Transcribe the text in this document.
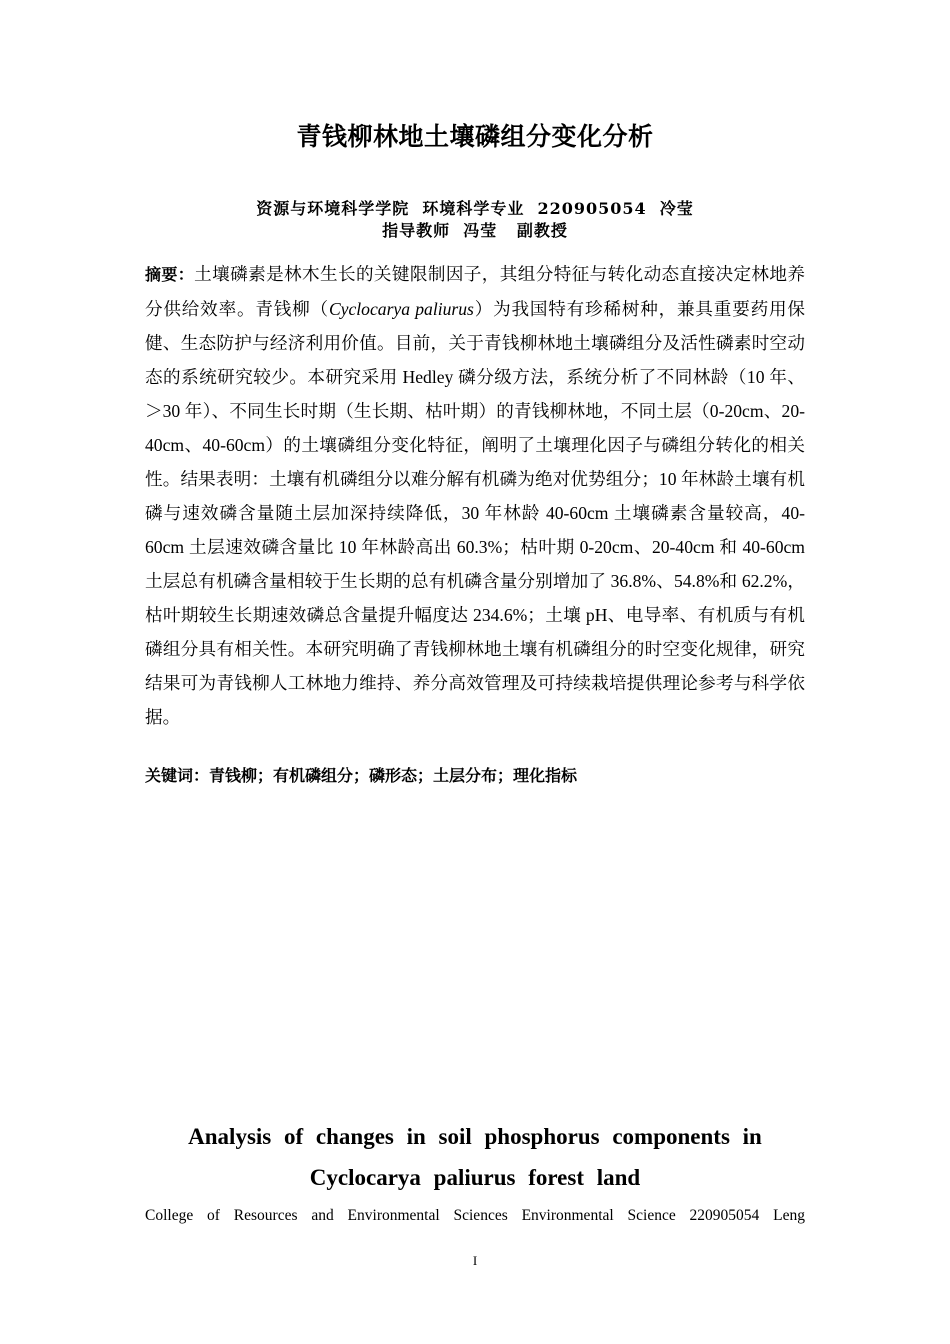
青钱柳林地土壤磷组分变化分析
资源与环境科学学院  环境科学专业  220905054  冷莹
指导教师  冯莹   副教授
摘要：土壤磷素是林木生长的关键限制因子，其组分特征与转化动态直接决定林地养分供给效率。青钱柳（Cyclocarya paliurus）为我国特有珍稀树种，兼具重要药用保健、生态防护与经济利用价值。目前，关于青钱柳林地土壤磷组分及活性磷素时空动态的系统研究较少。本研究采用 Hedley 磷分级方法，系统分析了不同林龄（10 年、＞30 年）、不同生长时期（生长期、枯叶期）的青钱柳林地，不同土层（0-20cm、20-40cm、40-60cm）的土壤磷组分变化特征，阐明了土壤理化因子与磷组分转化的相关性。结果表明：土壤有机磷组分以难分解有机磷为绝对优势组分；10 年林龄土壤有机磷与速效磷含量随土层加深持续降低，30 年林龄 40-60cm 土壤磷素含量较高，40-60cm 土层速效磷含量比 10 年林龄高出 60.3%；枯叶期 0-20cm、20-40cm 和 40-60cm 土层总有机磷含量相较于生长期的总有机磷含量分别增加了 36.8%、54.8%和 62.2%，枯叶期较生长期速效磷总含量提升幅度达 234.6%；土壤 pH、电导率、有机质与有机磷组分具有相关性。本研究明确了青钱柳林地土壤有机磷组分的时空变化规律，研究结果可为青钱柳人工林地力维持、养分高效管理及可持续栽培提供理论参考与科学依据。
关键词：青钱柳；有机磷组分；磷形态；土层分布；理化指标
Analysis of changes in soil phosphorus components in
Cyclocarya paliurus forest land
College of Resources and Environmental Sciences Environmental Science 220905054 Leng
I
